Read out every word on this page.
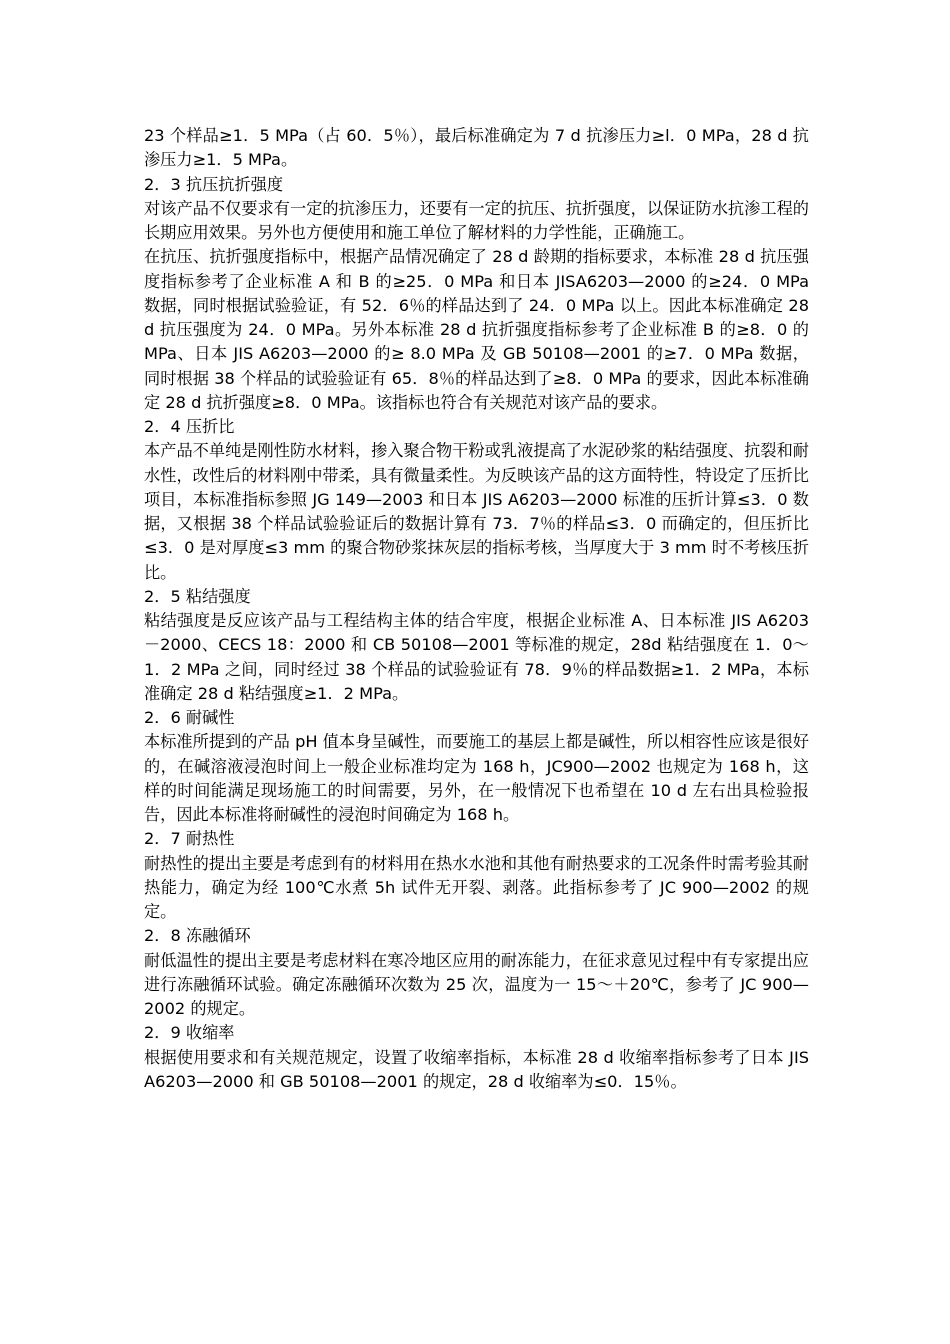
23 个样品≥1．5 MPa（占 60．5％），最后标准确定为 7 d 抗渗压力≥l．0 MPa，28 d 抗渗压力≥1．5 MPa。

2．3 抗压抗折强度

对该产品不仅要求有一定的抗渗压力，还要有一定的抗压、抗折强度，以保证防水抗渗工程的长期应用效果。另外也方便使用和施工单位了解材料的力学性能，正确施工。

在抗压、抗折强度指标中，根据产品情况确定了 28 d 龄期的指标要求，本标准 28 d 抗压强度指标参考了企业标准 A 和 B 的≥25．0 MPa 和日本 JISA6203—2000 的≥24．0 MPa 数据，同时根据试验验证，有 52．6％的样品达到了 24．0 MPa 以上。因此本标准确定 28 d 抗压强度为 24．0 MPa。另外本标准 28 d 抗折强度指标参考了企业标准 B 的≥8．0 的 MPa、日本 JIS A6203—2000 的≥ 8.0 MPa 及 GB 50108—2001 的≥7．0 MPa 数据，同时根据 38 个样品的试验验证有 65．8％的样品达到了≥8．0 MPa 的要求，因此本标准确定 28 d 抗折强度≥8．0 MPa。该指标也符合有关规范对该产品的要求。

2．4 压折比

本产品不单纯是刚性防水材料，掺入聚合物干粉或乳液提高了水泥砂浆的粘结强度、抗裂和耐水性，改性后的材料刚中带柔，具有微量柔性。为反映该产品的这方面特性，特设定了压折比项目，本标准指标参照 JG 149—2003 和日本 JIS A6203—2000 标准的压折计算≤3．0 数据，又根据 38 个样品试验验证后的数据计算有 73．7％的样品≤3．0 而确定的，但压折比≤3．0 是对厚度≤3 mm 的聚合物砂浆抹灰层的指标考核，当厚度大于 3 mm 时不考核压折比。

2．5 粘结强度

粘结强度是反应该产品与工程结构主体的结合牢度，根据企业标准 A、日本标准 JIS A6203－2000、CECS 18：2000 和 CB 50108—2001 等标准的规定，28d 粘结强度在 1．0～1．2 MPa 之间，同时经过 38 个样品的试验验证有 78．9％的样品数据≥1．2 MPa，本标准确定 28 d 粘结强度≥1．2 MPa。

2．6 耐碱性

本标准所提到的产品 pH 值本身呈碱性，而要施工的基层上都是碱性，所以相容性应该是很好的，在碱溶液浸泡时间上一般企业标准均定为 168 h，JC900—2002 也规定为 168 h，这样的时间能满足现场施工的时间需要，另外，在一般情况下也希望在 10 d 左右出具检验报告，因此本标准将耐碱性的浸泡时间确定为 168 h。

2．7 耐热性

耐热性的提出主要是考虑到有的材料用在热水水池和其他有耐热要求的工况条件时需考验其耐热能力，确定为经 100℃水煮 5h 试件无开裂、剥落。此指标参考了 JC 900—2002 的规定。

2．8 冻融循环

耐低温性的提出主要是考虑材料在寒冷地区应用的耐冻能力，在征求意见过程中有专家提出应进行冻融循环试验。确定冻融循环次数为 25 次，温度为一 15～＋20℃，参考了 JC 900—2002 的规定。

2．9 收缩率

根据使用要求和有关规范规定，设置了收缩率指标，本标准 28 d 收缩率指标参考了日本 JIS A6203—2000 和 GB 50108—2001 的规定，28 d 收缩率为≤0．15％。
